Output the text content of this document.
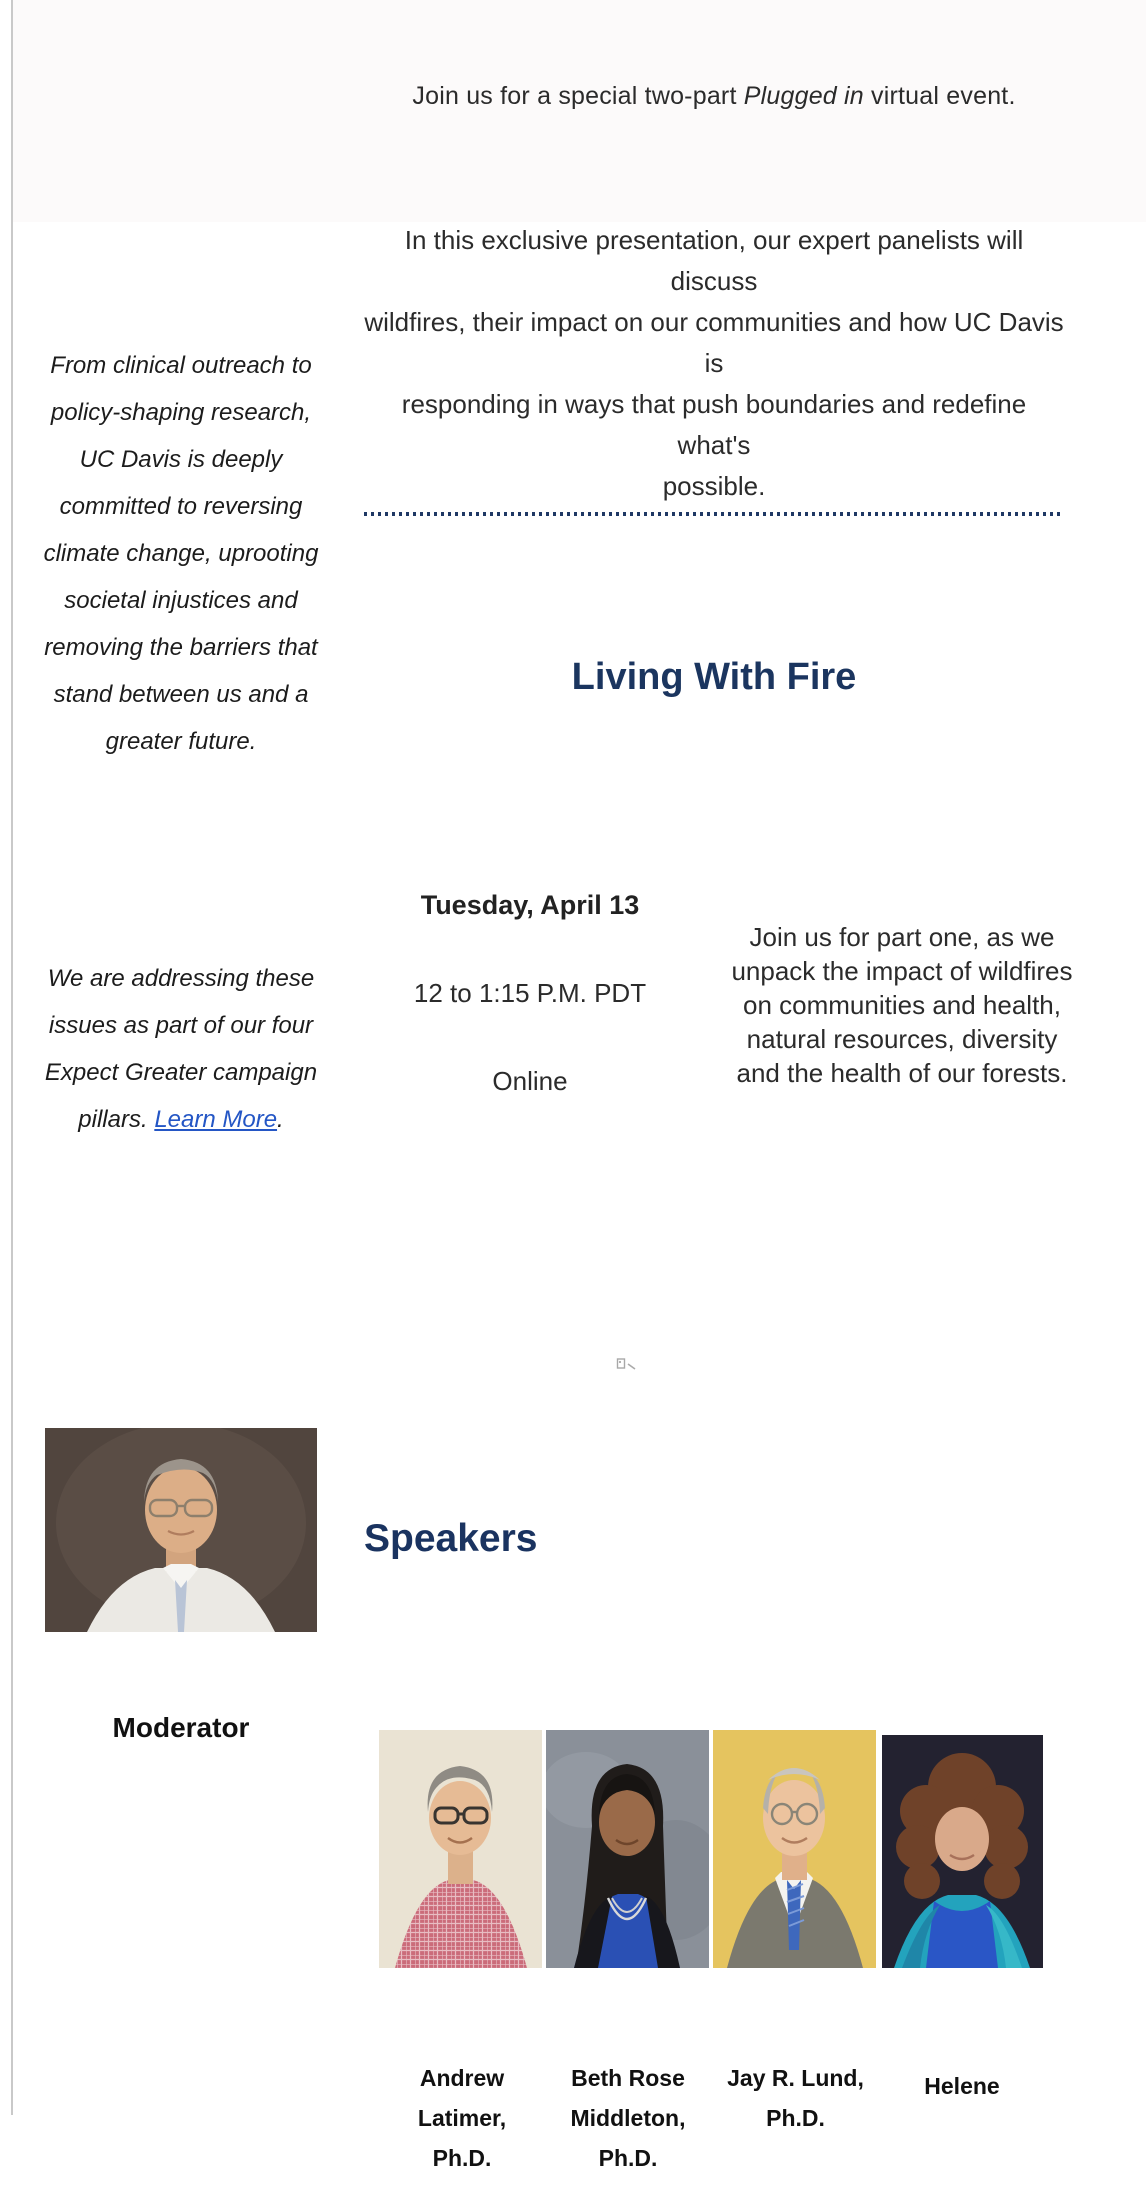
Join us for a special two-part Plugged in virtual event.
In this exclusive presentation, our expert panelists will discuss
wildfires, their impact on our communities and how UC Davis is
responding in ways that push boundaries and redefine what's
possible.
From clinical outreach to
policy-shaping research,
UC Davis is deeply
committed to reversing
climate change, uprooting
societal injustices and
removing the barriers that
stand between us and a
greater future.
Living With Fire
Tuesday, April 13
12 to 1:15 P.M. PDT
Online
Join us for part one, as we
unpack the impact of wildfires
on communities and health,
natural resources, diversity
and the health of our forests.
We are addressing these
issues as part of our four
Expect Greater campaign
pillars. Learn More.
Speakers
Moderator
Andrew Latimer,
Ph.D.
Beth Rose
Middleton, Ph.D.
Jay R. Lund,
Ph.D.
Helene
